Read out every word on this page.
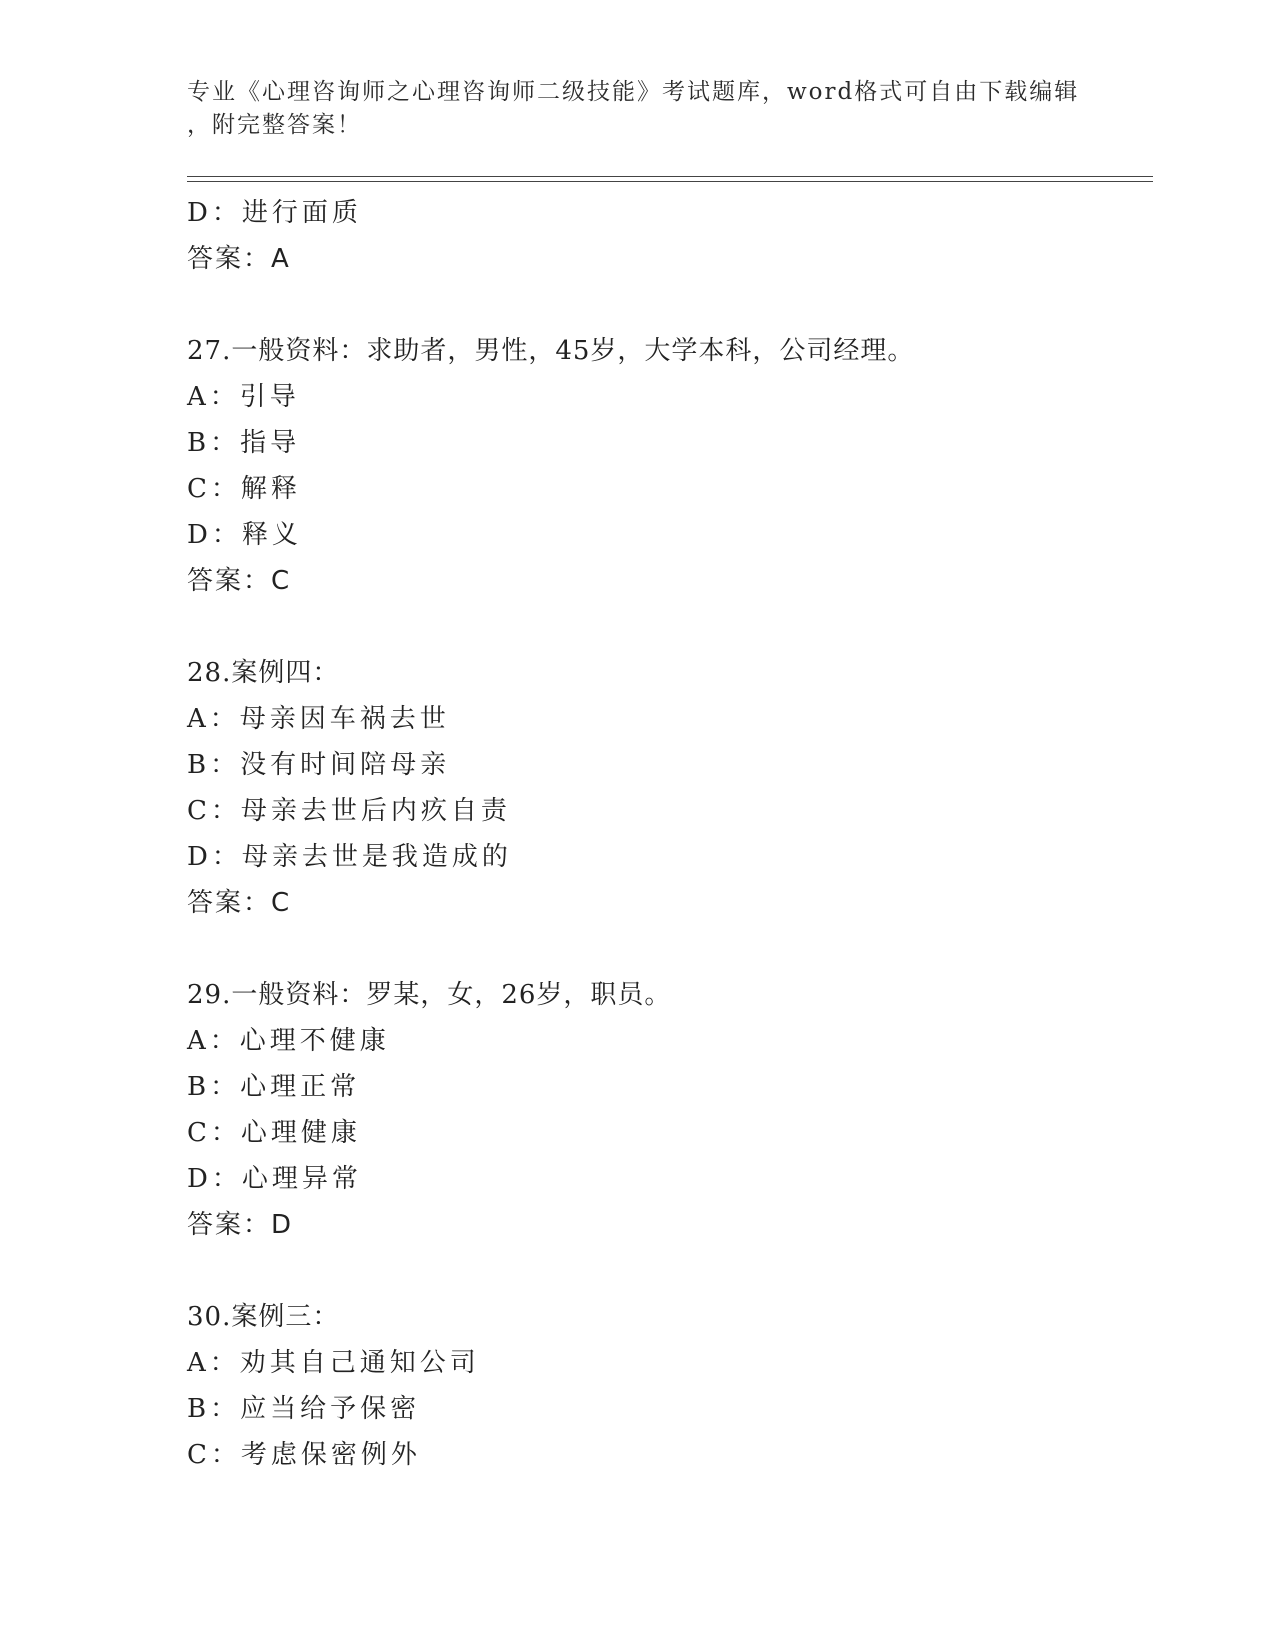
专业《心理咨询师之心理咨询师二级技能》考试题库，word格式可自由下载编辑
，附完整答案！
D：进行面质
答案：A
27.一般资料：求助者，男性，45岁，大学本科，公司经理。
A：引导
B：指导
C：解释
D：释义
答案：C
28.案例四：
A：母亲因车祸去世
B：没有时间陪母亲
C：母亲去世后内疚自责
D：母亲去世是我造成的
答案：C
29.一般资料：罗某，女，26岁，职员。
A：心理不健康
B：心理正常
C：心理健康
D：心理异常
答案：D
30.案例三：
A：劝其自己通知公司
B：应当给予保密
C：考虑保密例外
